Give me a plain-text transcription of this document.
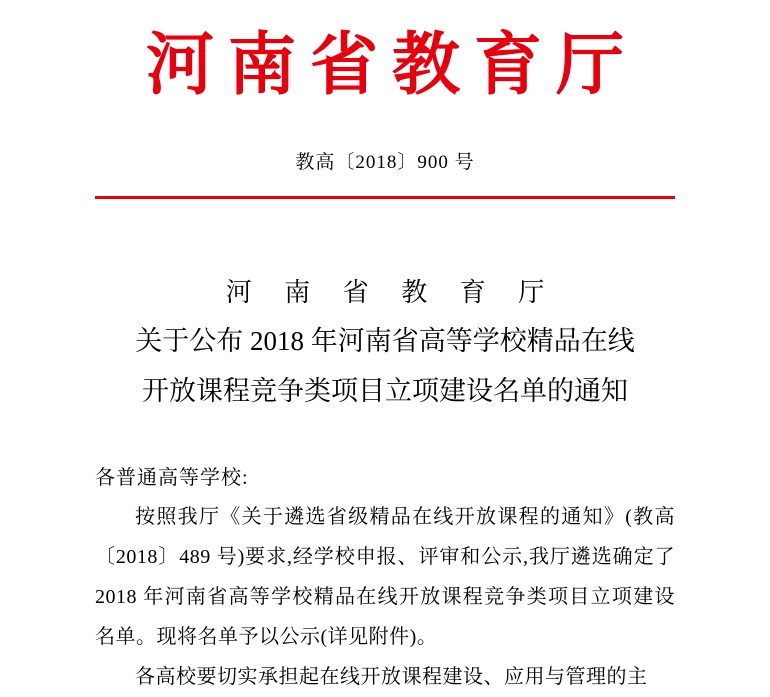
河南省教育厅
教高〔2018〕900 号
河 南 省 教 育 厅
关于公布 2018 年河南省高等学校精品在线
开放课程竞争类项目立项建设名单的通知
各普通高等学校:
按照我厅《关于遴选省级精品在线开放课程的通知》(教高〔2018〕489 号)要求,经学校申报、评审和公示,我厅遴选确定了 2018 年河南省高等学校精品在线开放课程竞争类项目立项建设名单。现将名单予以公示(详见附件)。
各高校要切实承担起在线开放课程建设、应用与管理的主
